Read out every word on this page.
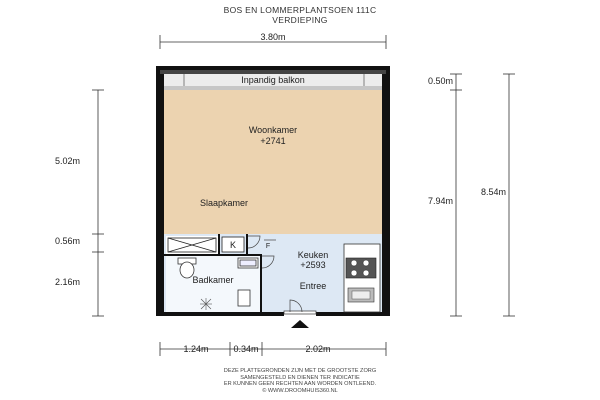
BOS EN LOMMERPLANTSOEN 111C
VERDIEPING
3.80m
5.02m
0.56m
2.16m
0.50m
7.94m
8.54m
1.24m	0.34m	2.02m
Inpandig balkon
Woonkamer
+2741
Slaapkamer
Keuken
+2593
Badkamer
Entree
K	F
DEZE PLATTEGRONDEN ZIJN MET DE GROOTSTE ZORG
SAMENGESTELD EN DIENEN TER INDICATIE
ER KUNNEN GEEN RECHTEN AAN WORDEN ONTLEEND.
© WWW.DROOMHUIS360.NL
